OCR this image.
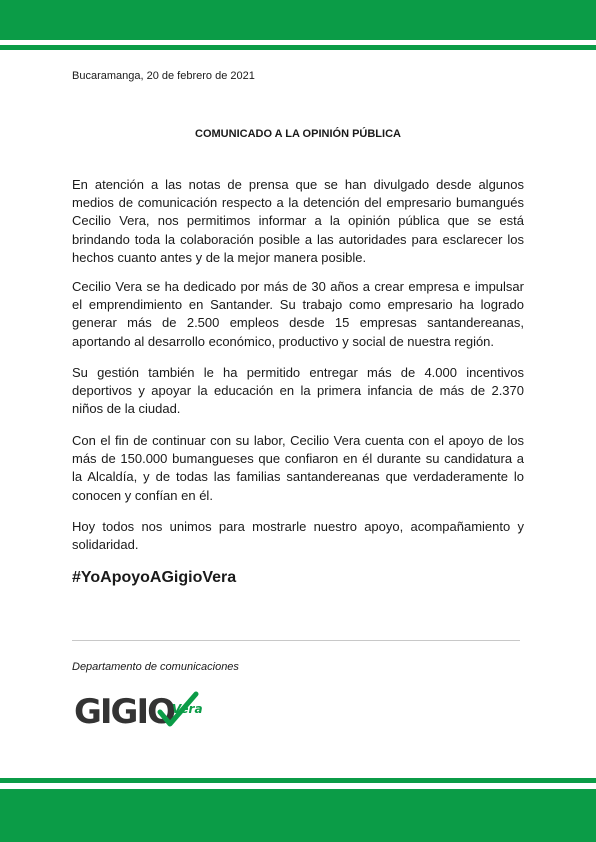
Bucaramanga, 20 de febrero de 2021
COMUNICADO A LA OPINIÓN PÚBLICA

En atención a las notas de prensa que se han divulgado desde algunos medios de comunicación respecto a la detención del empresario bumangués Cecilio Vera, nos permitimos informar a la opinión pública que se está brindando toda la colaboración posible a las autoridades para esclarecer los hechos cuanto antes y de la mejor manera posible.

Cecilio Vera se ha dedicado por más de 30 años a crear empresa e impulsar el emprendimiento en Santander. Su trabajo como empresario ha logrado generar más de 2.500 empleos desde 15 empresas santandereanas, aportando al desarrollo económico, productivo y social de nuestra región.

Su gestión también le ha permitido entregar más de 4.000 incentivos deportivos y apoyar la educación en la primera infancia de más de 2.370 niños de la ciudad.

Con el fin de continuar con su labor, Cecilio Vera cuenta con el apoyo de los más de 150.000 bumangueses que confiaron en él durante su candidatura a la Alcaldía, y de todas las familias santandereanas que verdaderamente lo conocen y confían en él.

Hoy todos nos unimos para mostrarle nuestro apoyo, acompañamiento y solidaridad.

#YoApoyoAGigioVera
Departamento de comunicaciones
GIGIO
Vera
